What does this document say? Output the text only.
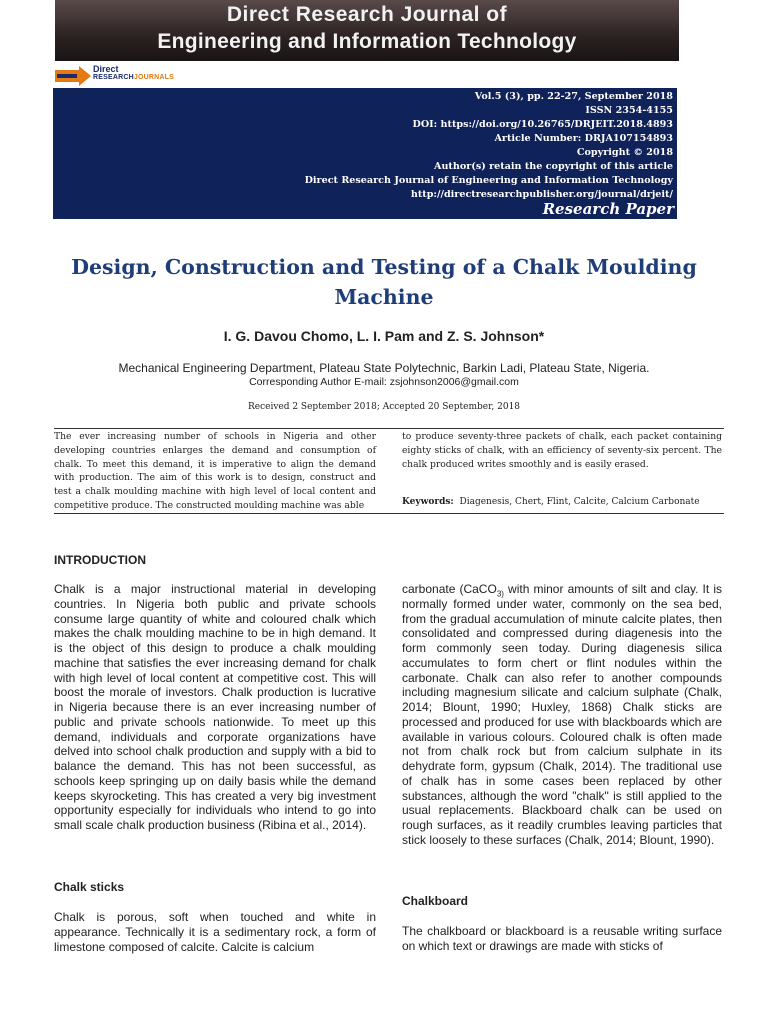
Direct Research Journal of
Engineering and Information Technology
Direct
RESEARCHJOURNALS
Vol.5 (3), pp. 22-27, September 2018
ISSN 2354-4155
DOI: https://doi.org/10.26765/DRJEIT.2018.4893
Article Number: DRJA107154893
Copyright © 2018
Author(s) retain the copyright of this article
Direct Research Journal of Engineering and Information Technology
http://directresearchpublisher.org/journal/drjeit/
Research Paper
Design, Construction and Testing of a Chalk Moulding Machine
I. G. Davou Chomo, L. I. Pam and Z. S. Johnson*
Mechanical Engineering Department, Plateau State Polytechnic, Barkin Ladi, Plateau State, Nigeria.
Corresponding Author E-mail: zsjohnson2006@gmail.com
Received 2 September 2018; Accepted 20 September, 2018
The ever increasing number of schools in Nigeria and other developing countries enlarges the demand and consumption of chalk. To meet this demand, it is imperative to align the demand with production. The aim of this work is to design, construct and test a chalk moulding machine with high level of local content and competitive produce. The constructed moulding machine was able
to produce seventy-three packets of chalk, each packet containing eighty sticks of chalk, with an efficiency of seventy-six percent. The chalk produced writes smoothly and is easily erased.
Keywords: Diagenesis, Chert, Flint, Calcite, Calcium Carbonate
INTRODUCTION
Chalk is a major instructional material in developing countries. In Nigeria both public and private schools consume large quantity of white and coloured chalk which makes the chalk moulding machine to be in high demand. It is the object of this design to produce a chalk moulding machine that satisfies the ever increasing demand for chalk with high level of local content at competitive cost. This will boost the morale of investors. Chalk production is lucrative in Nigeria because there is an ever increasing number of public and private schools nationwide. To meet up this demand, individuals and corporate organizations have delved into school chalk production and supply with a bid to balance the demand. This has not been successful, as schools keep springing up on daily basis while the demand keeps skyrocketing. This has created a very big investment opportunity especially for individuals who intend to go into small scale chalk production business (Ribina et al., 2014).
Chalk sticks
Chalk is porous, soft when touched and white in appearance. Technically it is a sedimentary rock, a form of limestone composed of calcite. Calcite is calcium
carbonate (CaCO$_{3)}$ with minor amounts of silt and clay. It is normally formed under water, commonly on the sea bed, from the gradual accumulation of minute calcite plates, then consolidated and compressed during diagenesis into the form commonly seen today. During diagenesis silica accumulates to form chert or flint nodules within the carbonate. Chalk can also refer to another compounds including magnesium silicate and calcium sulphate (Chalk, 2014; Blount, 1990; Huxley, 1868) Chalk sticks are processed and produced for use with blackboards which are available in various colours. Coloured chalk is often made not from chalk rock but from calcium sulphate in its dehydrate form, gypsum (Chalk, 2014). The traditional use of chalk has in some cases been replaced by other substances, although the word "chalk" is still applied to the usual replacements. Blackboard chalk can be used on rough surfaces, as it readily crumbles leaving particles that stick loosely to these surfaces (Chalk, 2014; Blount, 1990).
Chalkboard
The chalkboard or blackboard is a reusable writing surface on which text or drawings are made with sticks of
